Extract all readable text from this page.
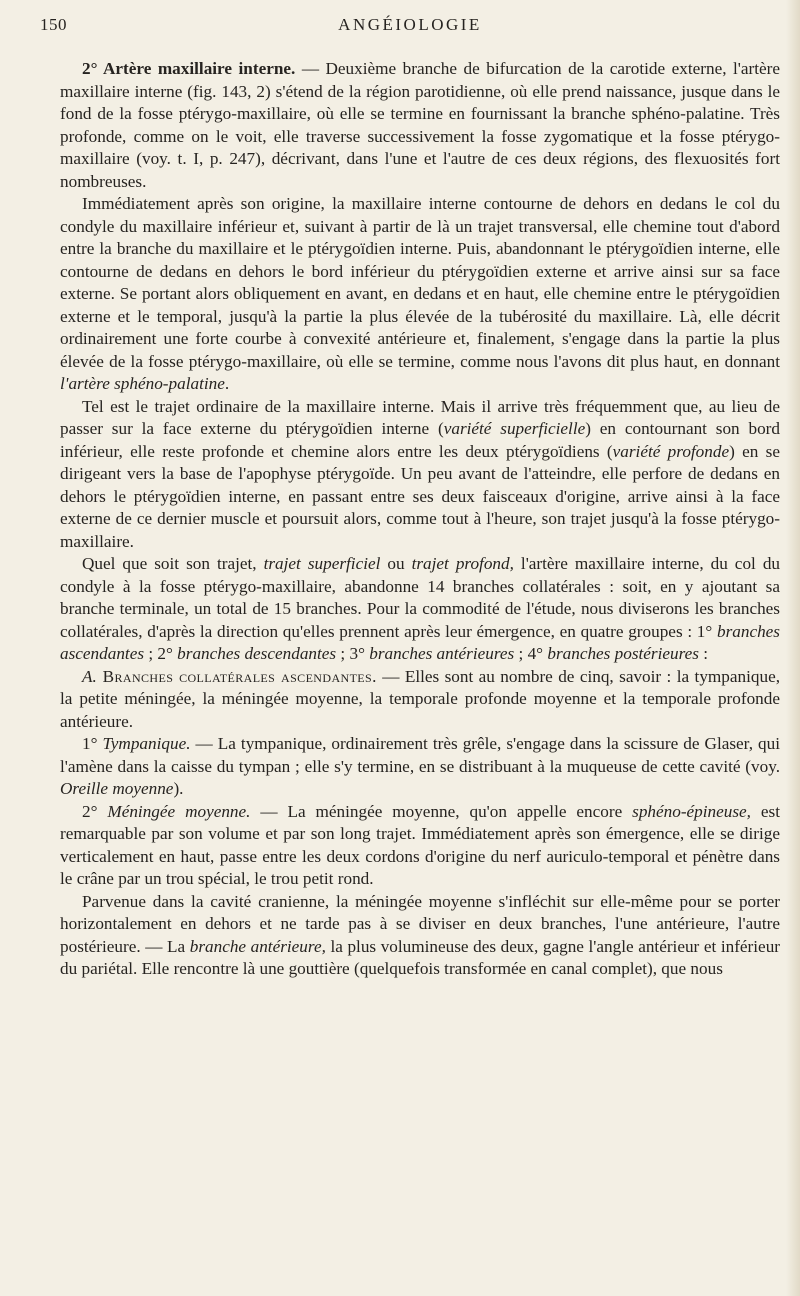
150	ANGÉIOLOGIE

2° Artère maxillaire interne. — Deuxième branche de bifurcation de la carotide externe, l'artère maxillaire interne (fig. 143, 2) s'étend de la région parotidienne, où elle prend naissance, jusque dans le fond de la fosse ptérygo-maxillaire, où elle se termine en fournissant la branche sphéno-palatine. Très profonde, comme on le voit, elle traverse successivement la fosse zygomatique et la fosse ptérygo-maxillaire (voy. t. I, p. 247), décrivant, dans l'une et l'autre de ces deux régions, des flexuosités fort nombreuses.

Immédiatement après son origine, la maxillaire interne contourne de dehors en dedans le col du condyle du maxillaire inférieur et, suivant à partir de là un trajet transversal, elle chemine tout d'abord entre la branche du maxillaire et le ptérygoïdien interne. Puis, abandonnant le ptérygoïdien interne, elle contourne de dedans en dehors le bord inférieur du ptérygoïdien externe et arrive ainsi sur sa face externe. Se portant alors obliquement en avant, en dedans et en haut, elle chemine entre le ptérygoïdien externe et le temporal, jusqu'à la partie la plus élevée de la tubérosité du maxillaire. Là, elle décrit ordinairement une forte courbe à convexité antérieure et, finalement, s'engage dans la partie la plus élevée de la fosse ptérygo-maxillaire, où elle se termine, comme nous l'avons dit plus haut, en donnant l'artère sphéno-palatine.

Tel est le trajet ordinaire de la maxillaire interne. Mais il arrive très fréquemment que, au lieu de passer sur la face externe du ptérygoïdien interne (variété superficielle) en contournant son bord inférieur, elle reste profonde et chemine alors entre les deux ptérygoïdiens (variété profonde) en se dirigeant vers la base de l'apophyse ptérygoïde. Un peu avant de l'atteindre, elle perfore de dedans en dehors le ptérygoïdien interne, en passant entre ses deux faisceaux d'origine, arrive ainsi à la face externe de ce dernier muscle et poursuit alors, comme tout à l'heure, son trajet jusqu'à la fosse ptérygo-maxillaire.

Quel que soit son trajet, trajet superficiel ou trajet profond, l'artère maxillaire interne, du col du condyle à la fosse ptérygo-maxillaire, abandonne 14 branches collatérales : soit, en y ajoutant sa branche terminale, un total de 15 branches. Pour la commodité de l'étude, nous diviserons les branches collatérales, d'après la direction qu'elles prennent après leur émergence, en quatre groupes : 1° branches ascendantes ; 2° branches descendantes ; 3° branches antérieures ; 4° branches postérieures :

A. Branches collatérales ascendantes. — Elles sont au nombre de cinq, savoir : la tympanique, la petite méningée, la méningée moyenne, la temporale profonde moyenne et la temporale profonde antérieure.

1° Tympanique. — La tympanique, ordinairement très grêle, s'engage dans la scissure de Glaser, qui l'amène dans la caisse du tympan ; elle s'y termine, en se distribuant à la muqueuse de cette cavité (voy. Oreille moyenne).

2° Méningée moyenne. — La méningée moyenne, qu'on appelle encore sphéno-épineuse, est remarquable par son volume et par son long trajet. Immédiatement après son émergence, elle se dirige verticalement en haut, passe entre les deux cordons d'origine du nerf auriculo-temporal et pénètre dans le crâne par un trou spécial, le trou petit rond.

Parvenue dans la cavité cranienne, la méningée moyenne s'infléchit sur elle-même pour se porter horizontalement en dehors et ne tarde pas à se diviser en deux branches, l'une antérieure, l'autre postérieure. — La branche antérieure, la plus volumineuse des deux, gagne l'angle antérieur et inférieur du pariétal. Elle rencontre là une gouttière (quelquefois transformée en canal complet), que nous
